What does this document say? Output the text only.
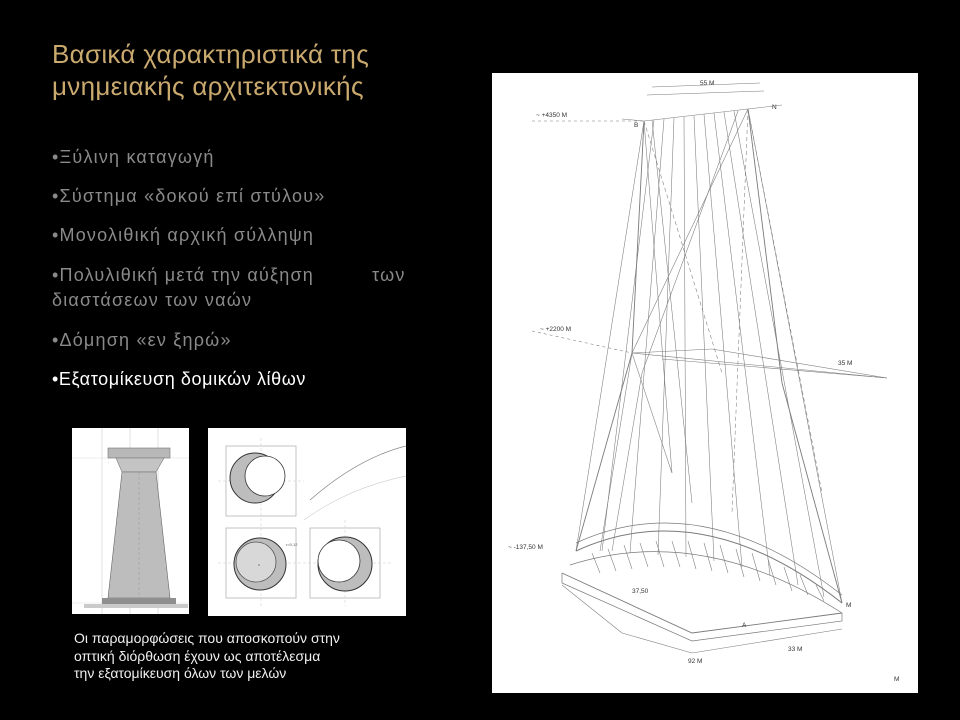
Βασικά χαρακτηριστικά της
μνημειακής αρχιτεκτονικής
•Ξύλινη καταγωγή
•Σύστημα «δοκού επί στύλου»
•Μονολιθική αρχική σύλληψη
•Πολυλιθική μετά την αύξηση	των
διαστάσεων των ναών
•Δόμηση «εν ξηρώ»
•Εξατομίκευση δομικών λίθων
·
r=0,12
c

Οι παραμορφώσεις που αποσκοπούν στην
οπτική διόρθωση έχουν ως αποτέλεσμα
την εξατομίκευση όλων των μελών

~ +4350 M
~ +2200 M
~ -137,50 M
B
N
A
M
55 M
35 M
33 M
92 M
37,50
M
